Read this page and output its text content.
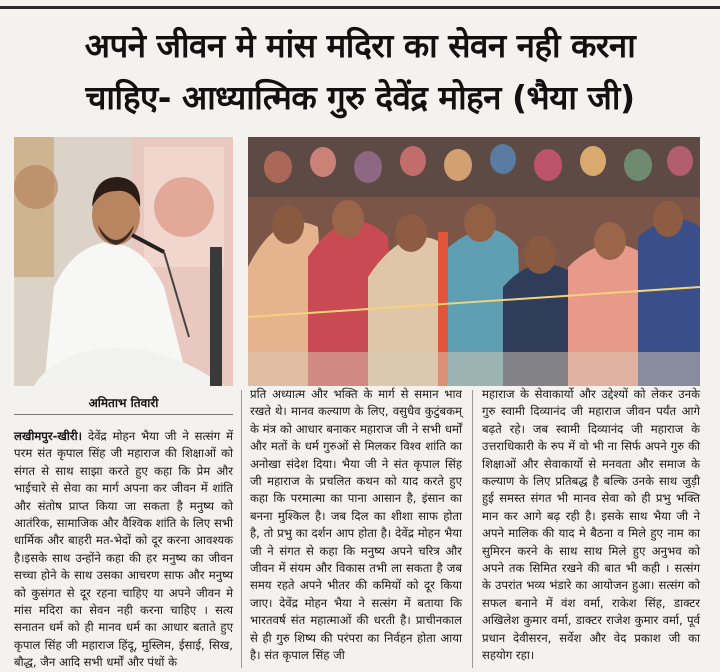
अपने जीवन मे मांस मदिरा का सेवन नही करना
चाहिए- आध्यात्मिक गुरु देवेंद्र मोहन (भैया जी)
अमिताभ तिवारी

लखीमपुर-खीरी। देवेंद्र मोहन भैया जी ने सत्संग में परम संत कृपाल सिंह जी महाराज की शिक्षाओं को संगत से साथ साझा करते हुए कहा कि प्रेम और भाईचारे से सेवा का मार्ग अपना कर जीवन में शांति और संतोष प्राप्त किया जा सकता है मनुष्य को आतंरिक, सामाजिक और वैश्विक शांति के लिए सभी धार्मिक और बाहरी मत-भेदों को दूर करना आवश्यक है।इसके साथ उन्होंने कहा की हर मनुष्य का जीवन सच्चा होने के साथ उसका आचरण साफ और मनुष्य को कुसंगत से दूर रहना चाहिए या अपने जीवन मे मांस मदिरा का सेवन नही करना चाहिए । सत्य सनातन धर्म को ही मानव धर्म का आधार बताते हुए कृपाल सिंह जी महाराज हिंदू, मुस्लिम, ईसाई, सिख, बौद्ध, जैन आदि सभी धर्मों और पंथों के

प्रति अध्यात्म और भक्ति के मार्ग से समान भाव रखते थे। मानव कल्याण के लिए, वसुधैव कुटुंबकम् के मंत्र को आधार बनाकर महाराज जी ने सभी धर्मों और मतों के धर्म गुरुओं से मिलकर विश्व शांति का अनोखा संदेश दिया। भैया जी ने संत कृपाल सिंह जी महाराज के प्रचलित कथन को याद करते हुए कहा कि परमात्मा का पाना आसान है, इंसान का बनना मुश्किल है। जब दिल का शीशा साफ होता है, तो प्रभु का दर्शन आप होता है। देवेंद्र मोहन भैया जी ने संगत से कहा कि मनुष्य अपने चरित्र और जीवन में संयम और विकास तभी ला सकता है जब समय रहते अपने भीतर की कमियों को दूर किया जाए। देवेंद्र मोहन भैया ने सत्संग में बताया कि भारतवर्ष संत महात्माओं की धरती है। प्राचीनकाल से ही गुरु शिष्य की परंपरा का निर्वहन होता आया है। संत कृपाल सिंह जी

महाराज के सेवाकार्यो और उद्देश्यों को लेकर उनके गुरु स्वामी दिव्यानंद जी महाराज जीवन पर्यंत आगे बढ़ते रहे। जब स्वामी दिव्यानंद जी महाराज के उत्तराधिकारी के रुप में वो भी ना सिर्फ अपने गुरु की शिक्षाओं और सेवाकार्यो से मनवता और समाज के कल्याण के लिए प्रतिबद्ध है बल्कि उनके साथ जुड़ी हुई समस्त संगत भी मानव सेवा को ही प्रभु भक्ति मान कर आगे बढ़ रही है। इसके साथ भैया जी ने अपने मालिक की याद मे बैठना व मिले हुए नाम का सुमिरन करने के साथ साथ मिले हुए अनुभव को अपने तक सिमित रखने की बात भी कही । सत्संग के उपरांत भव्य भंडारे का आयोजन हुआ। सत्संग को सफल बनाने में वंश वर्मा, राकेश सिंह, डाक्टर अखिलेश कुमार वर्मा, डाक्टर राजेश कुमार वर्मा, पूर्व प्रधान देवीसरन, सर्वेश और वेद प्रकाश जी का सहयोग रहा।
